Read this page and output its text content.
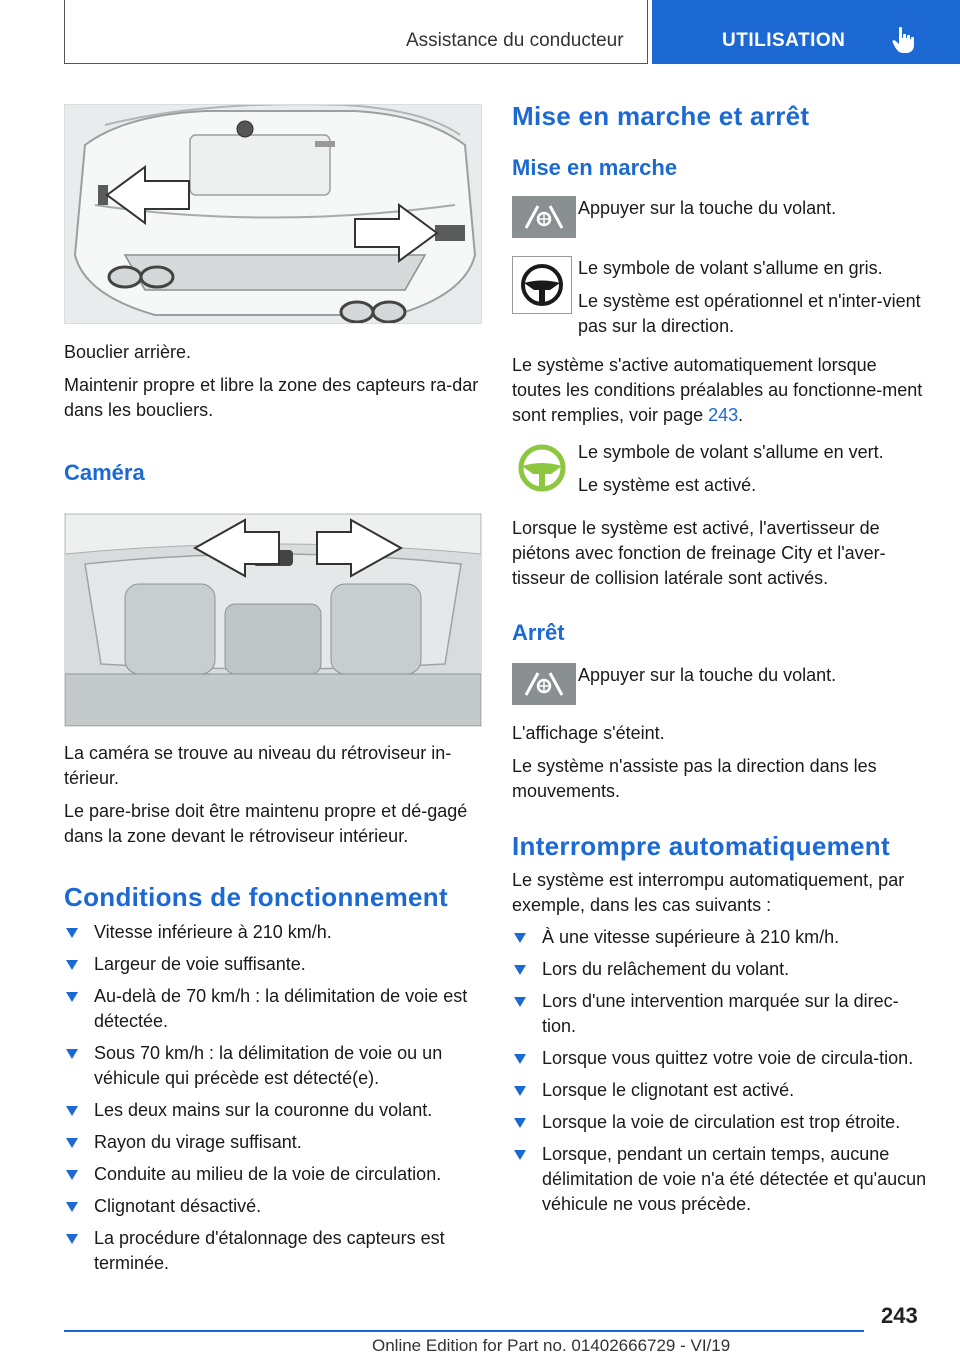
Assistance du conducteur	UTILISATION

Bouclier arrière.

Maintenir propre et libre la zone des capteurs ra-dar dans les boucliers.

Caméra

La caméra se trouve au niveau du rétroviseur in-térieur.

Le pare-brise doit être maintenu propre et dé-gagé dans la zone devant le rétroviseur intérieur.

Conditions de fonctionnement
Vitesse inférieure à 210 km/h.
Largeur de voie suffisante.
Au-delà de 70 km/h : la délimitation de voie est détectée.
Sous 70 km/h : la délimitation de voie ou un véhicule qui précède est détecté(e).
Les deux mains sur la couronne du volant.
Rayon du virage suffisant.
Conduite au milieu de la voie de circulation.
Clignotant désactivé.
La procédure d'étalonnage des capteurs est terminée.
Mise en marche et arrêt
Mise en marche

Appuyer sur la touche du volant.

Le symbole de volant s'allume en gris.

Le système est opérationnel et n'inter-vient pas sur la direction.

Le système s'active automatiquement lorsque toutes les conditions préalables au fonctionne-ment sont remplies, voir page 243.

Le symbole de volant s'allume en vert.

Le système est activé.

Lorsque le système est activé, l'avertisseur de piétons avec fonction de freinage City et l'aver-tisseur de collision latérale sont activés.

Arrêt

Appuyer sur la touche du volant.

L'affichage s'éteint.

Le système n'assiste pas la direction dans les mouvements.

Interrompre automatiquement

Le système est interrompu automatiquement, par exemple, dans les cas suivants :

À une vitesse supérieure à 210 km/h.
Lors du relâchement du volant.
Lors d'une intervention marquée sur la direc-tion.
Lorsque vous quittez votre voie de circula-tion.
Lorsque le clignotant est activé.
Lorsque la voie de circulation est trop étroite.
Lorsque, pendant un certain temps, aucune délimitation de voie n'a été détectée et qu'aucun véhicule ne vous précède.
243
Online Edition for Part no. 01402666729 - VI/19
